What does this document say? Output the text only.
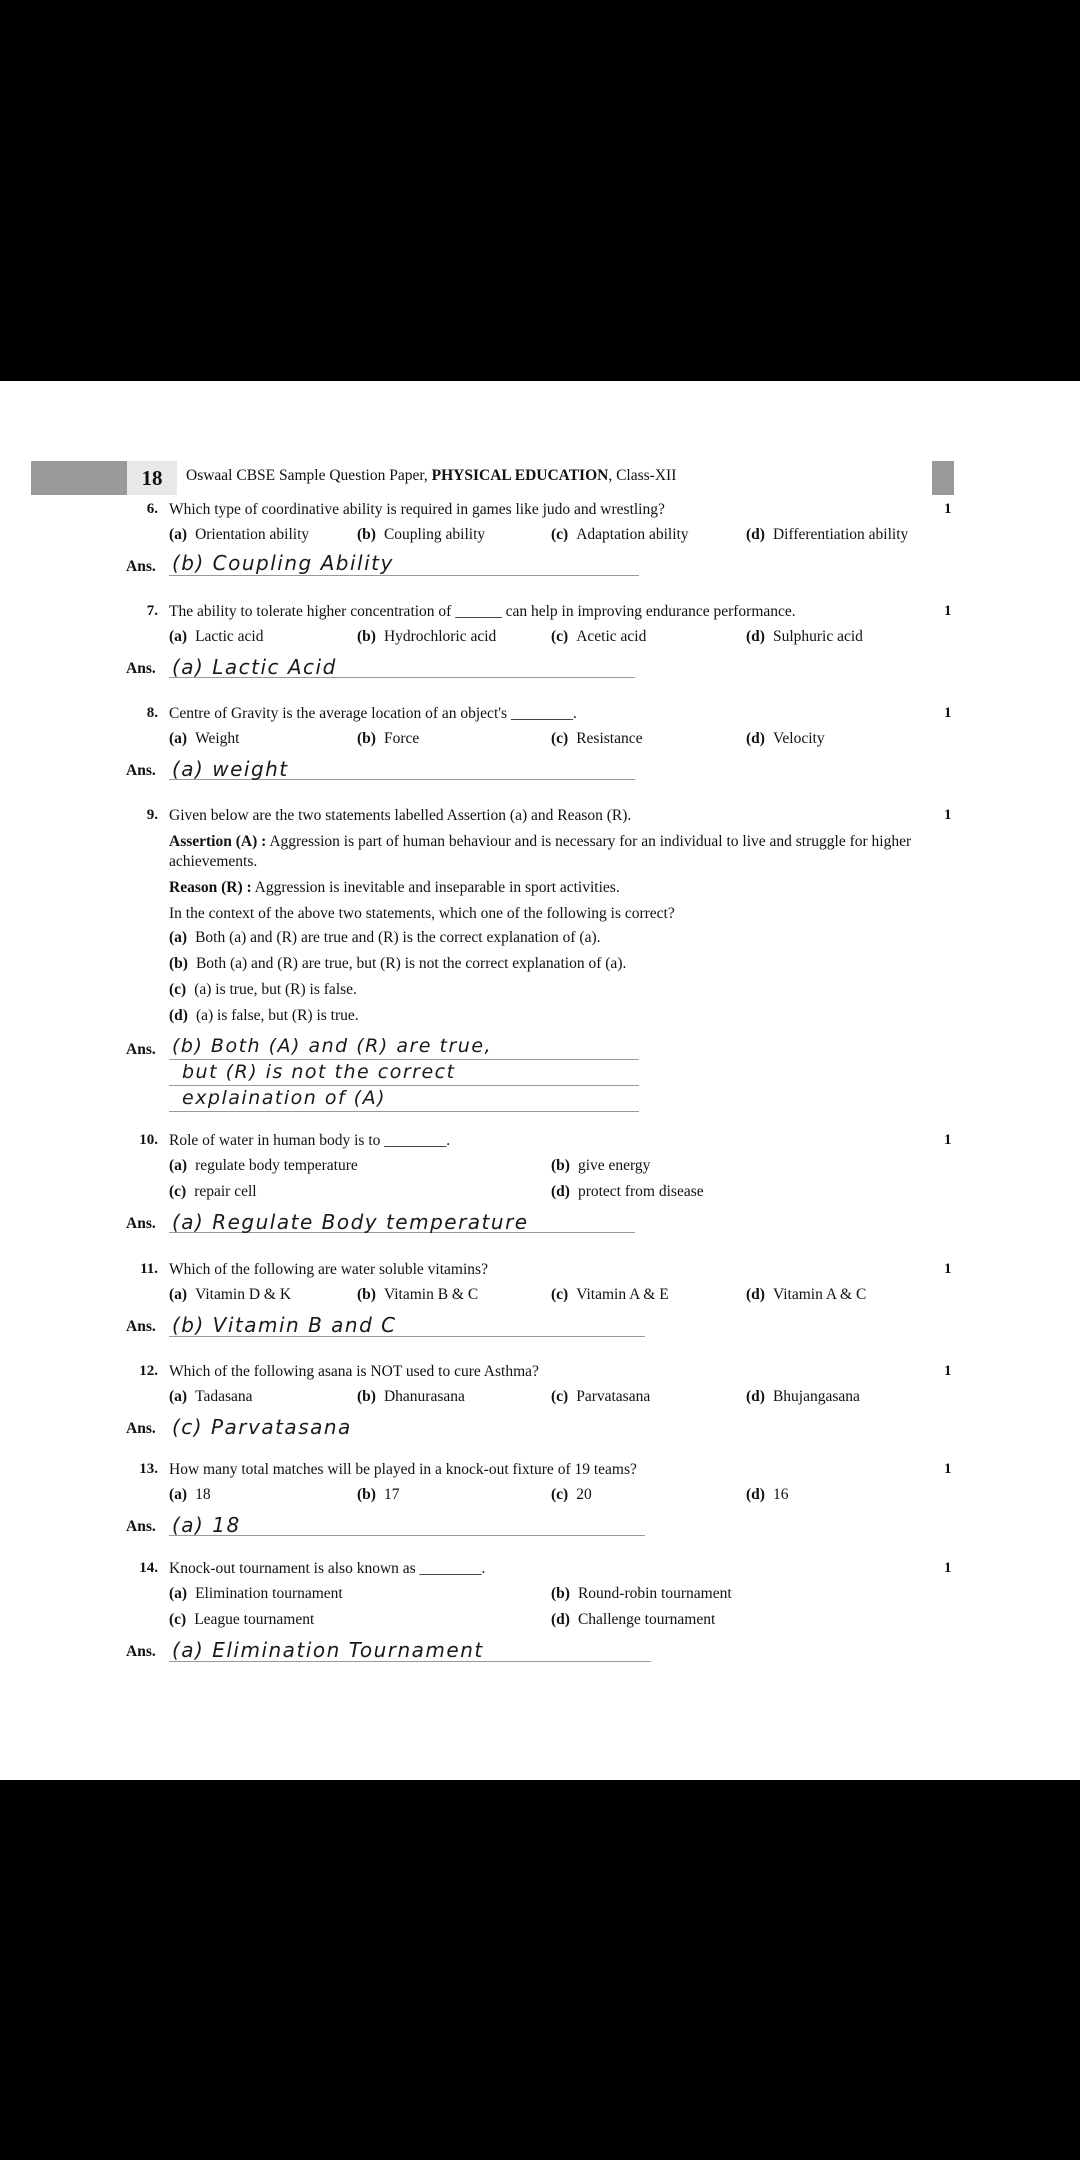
18	Oswaal CBSE Sample Question Paper, PHYSICAL EDUCATION, Class-XII
6. Which type of coordinative ability is required in games like judo and wrestling?	1
(a) Orientation ability	(b) Coupling ability	(c) Adaptation ability	(d) Differentiation ability
Ans. (b) Coupling Ability
7. The ability to tolerate higher concentration of ______ can help in improving endurance performance.	1
(a) Lactic acid	(b) Hydrochloric acid	(c) Acetic acid	(d) Sulphuric acid
Ans. (a) Lactic Acid
8. Centre of Gravity is the average location of an object's ________.	1
(a) Weight	(b) Force	(c) Resistance	(d) Velocity
Ans. (a) weight
9. Given below are the two statements labelled Assertion (a) and Reason (R).	1
Assertion (A) : Aggression is part of human behaviour and is necessary for an individual to live and struggle for higher achievements.
Reason (R) : Aggression is inevitable and inseparable in sport activities.
In the context of the above two statements, which one of the following is correct?
(a) Both (a) and (R) are true and (R) is the correct explanation of (a).
(b) Both (a) and (R) are true, but (R) is not the correct explanation of (a).
(c) (a) is true, but (R) is false.
(d) (a) is false, but (R) is true.
Ans. (b) Both (A) and (R) are true,
but (R) is not the correct
explaination of (A)
10. Role of water in human body is to ________.	1
(a) regulate body temperature	(b) give energy
(c) repair cell	(d) protect from disease
Ans. (a) Regulate Body temperature
11. Which of the following are water soluble vitamins?	1
(a) Vitamin D & K	(b) Vitamin B & C	(c) Vitamin A & E	(d) Vitamin A & C
Ans. (b) Vitamin B and C
12. Which of the following asana is NOT used to cure Asthma?	1
(a) Tadasana	(b) Dhanurasana	(c) Parvatasana	(d) Bhujangasana
Ans. (c) Parvatasana
13. How many total matches will be played in a knock-out fixture of 19 teams?	1
(a) 18	(b) 17	(c) 20	(d) 16
Ans. (a) 18
14. Knock-out tournament is also known as ________.	1
(a) Elimination tournament	(b) Round-robin tournament
(c) League tournament	(d) Challenge tournament
Ans. (a) Elimination Tournament
